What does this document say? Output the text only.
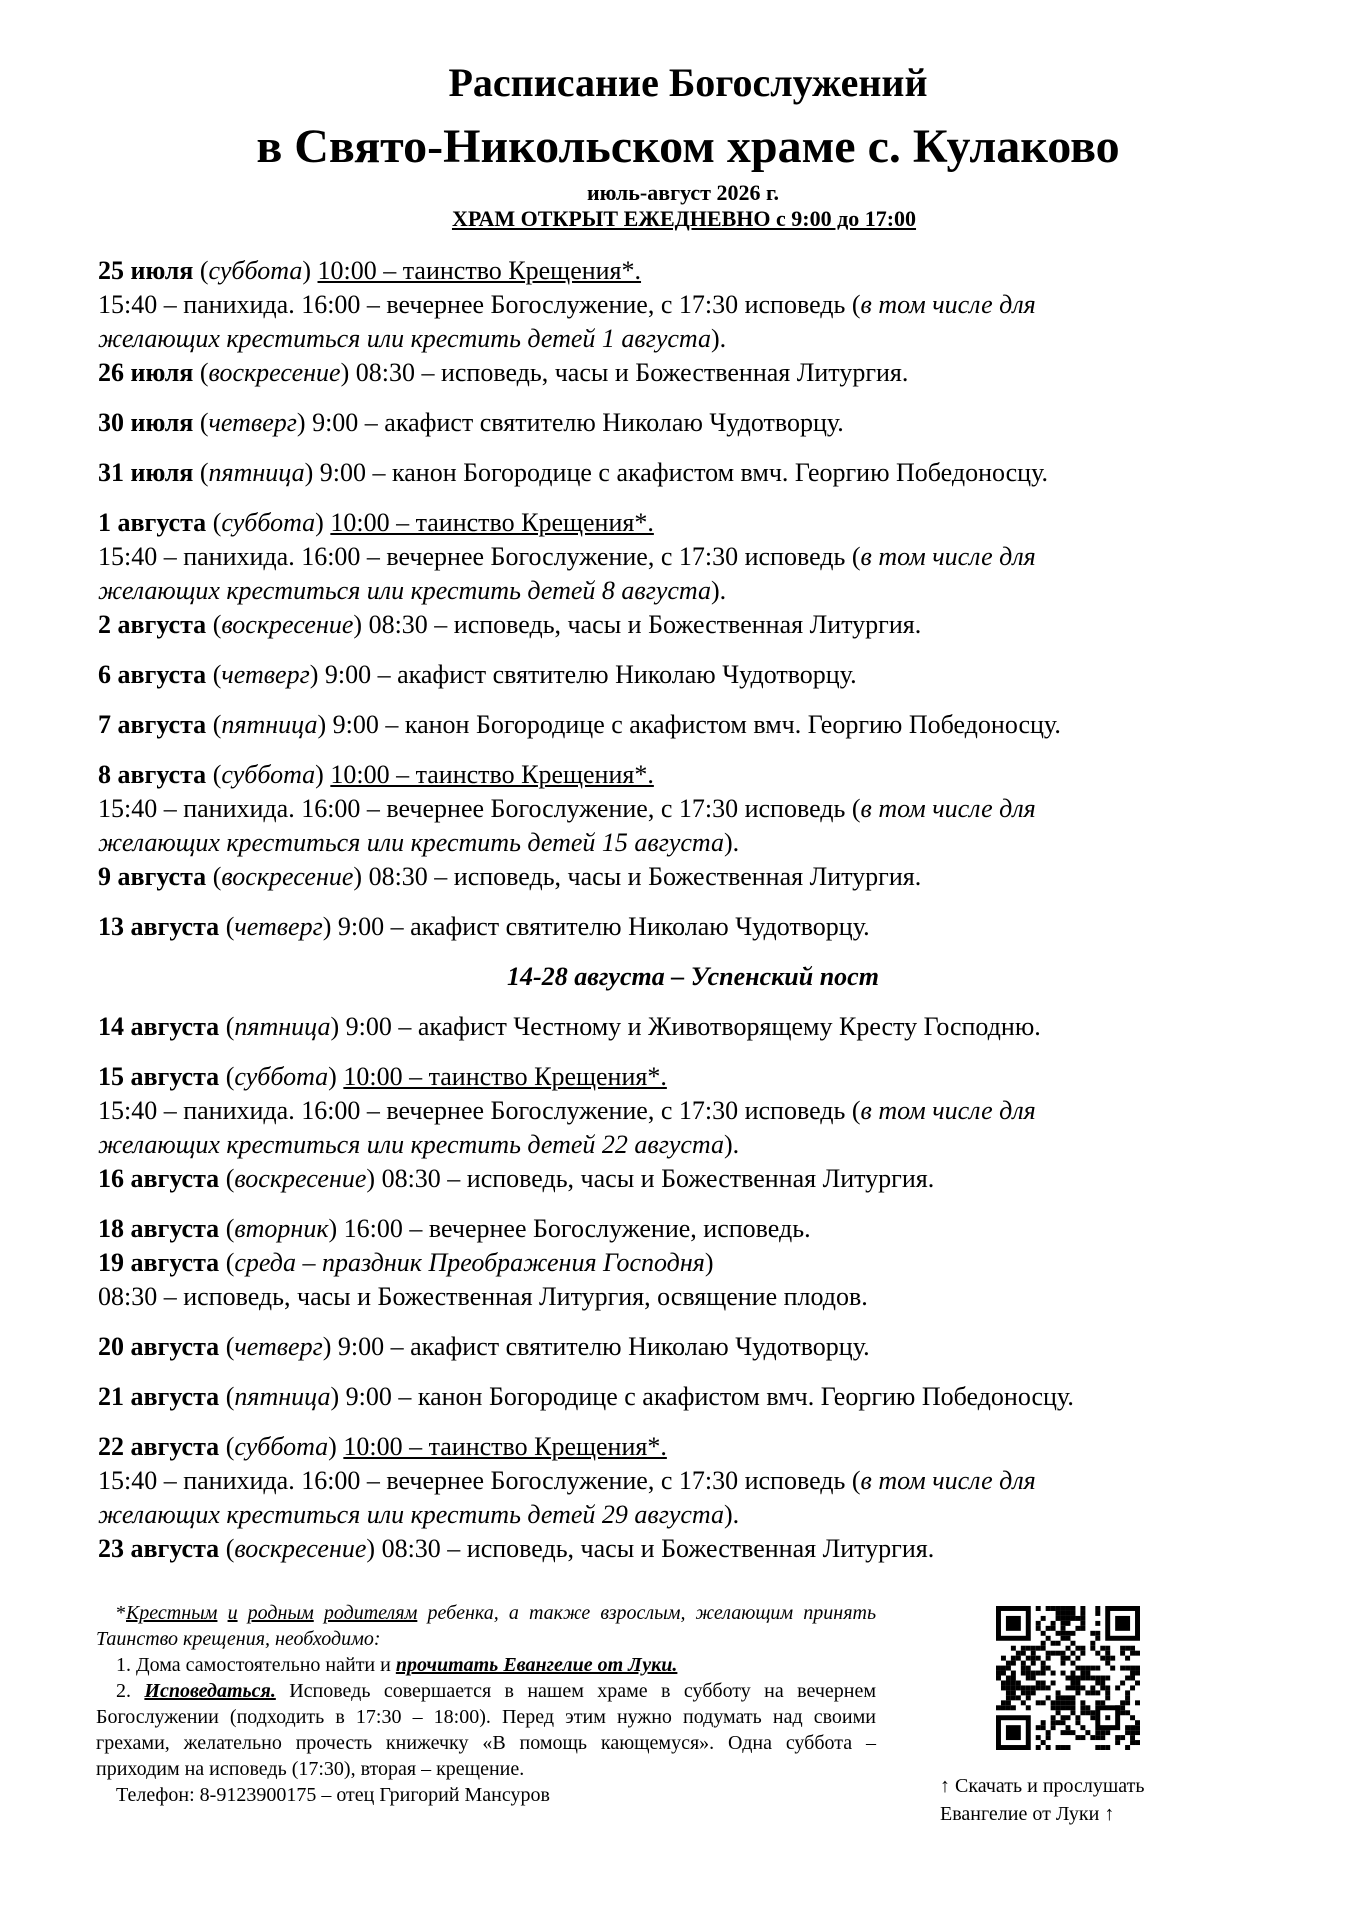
Расписание Богослужений
в Свято-Никольском храме с. Кулаково
июль-август 2026 г.
ХРАМ ОТКРЫТ ЕЖЕДНЕВНО с 9:00 до 17:00
25 июля (суббота) 10:00 – таинство Крещения*.
15:40 – панихида. 16:00 – вечернее Богослужение, с 17:30 исповедь (в том числе для
желающих креститься или крестить детей 1 августа).
26 июля (воскресение) 08:30 – исповедь, часы и Божественная Литургия.
30 июля (четверг) 9:00 – акафист святителю Николаю Чудотворцу.
31 июля (пятница) 9:00 – канон Богородице с акафистом вмч. Георгию Победоносцу.
1 августа (суббота) 10:00 – таинство Крещения*.
15:40 – панихида. 16:00 – вечернее Богослужение, с 17:30 исповедь (в том числе для
желающих креститься или крестить детей 8 августа).
2 августа (воскресение) 08:30 – исповедь, часы и Божественная Литургия.
6 августа (четверг) 9:00 – акафист святителю Николаю Чудотворцу.
7 августа (пятница) 9:00 – канон Богородице с акафистом вмч. Георгию Победоносцу.
8 августа (суббота) 10:00 – таинство Крещения*.
15:40 – панихида. 16:00 – вечернее Богослужение, с 17:30 исповедь (в том числе для
желающих креститься или крестить детей 15 августа).
9 августа (воскресение) 08:30 – исповедь, часы и Божественная Литургия.
13 августа (четверг) 9:00 – акафист святителю Николаю Чудотворцу.
14-28 августа – Успенский пост
14 августа (пятница) 9:00 – акафист Честному и Животворящему Кресту Господню.
15 августа (суббота) 10:00 – таинство Крещения*.
15:40 – панихида. 16:00 – вечернее Богослужение, с 17:30 исповедь (в том числе для
желающих креститься или крестить детей 22 августа).
16 августа (воскресение) 08:30 – исповедь, часы и Божественная Литургия.
18 августа (вторник) 16:00 – вечернее Богослужение, исповедь.
19 августа (среда – праздник Преображения Господня)
08:30 – исповедь, часы и Божественная Литургия, освящение плодов.
20 августа (четверг) 9:00 – акафист святителю Николаю Чудотворцу.
21 августа (пятница) 9:00 – канон Богородице с акафистом вмч. Георгию Победоносцу.
22 августа (суббота) 10:00 – таинство Крещения*.
15:40 – панихида. 16:00 – вечернее Богослужение, с 17:30 исповедь (в том числе для
желающих креститься или крестить детей 29 августа).
23 августа (воскресение) 08:30 – исповедь, часы и Божественная Литургия.

*Крестным и родным родителям ребенка, а также взрослым, желающим принять Таинство крещения, необходимо:

1. Дома самостоятельно найти и прочитать Евангелие от Луки.

2. Исповедаться. Исповедь совершается в нашем храме в субботу на вечернем Богослужении (подходить в 17:30 – 18:00). Перед этим нужно подумать над своими грехами, желательно прочесть книжечку «В помощь кающемуся». Одна суббота – приходим на исповедь (17:30), вторая – крещение.

Телефон: 8-9123900175 – отец Григорий Мансуров	↑ Скачать и прослушать
Евангелие от Луки ↑
